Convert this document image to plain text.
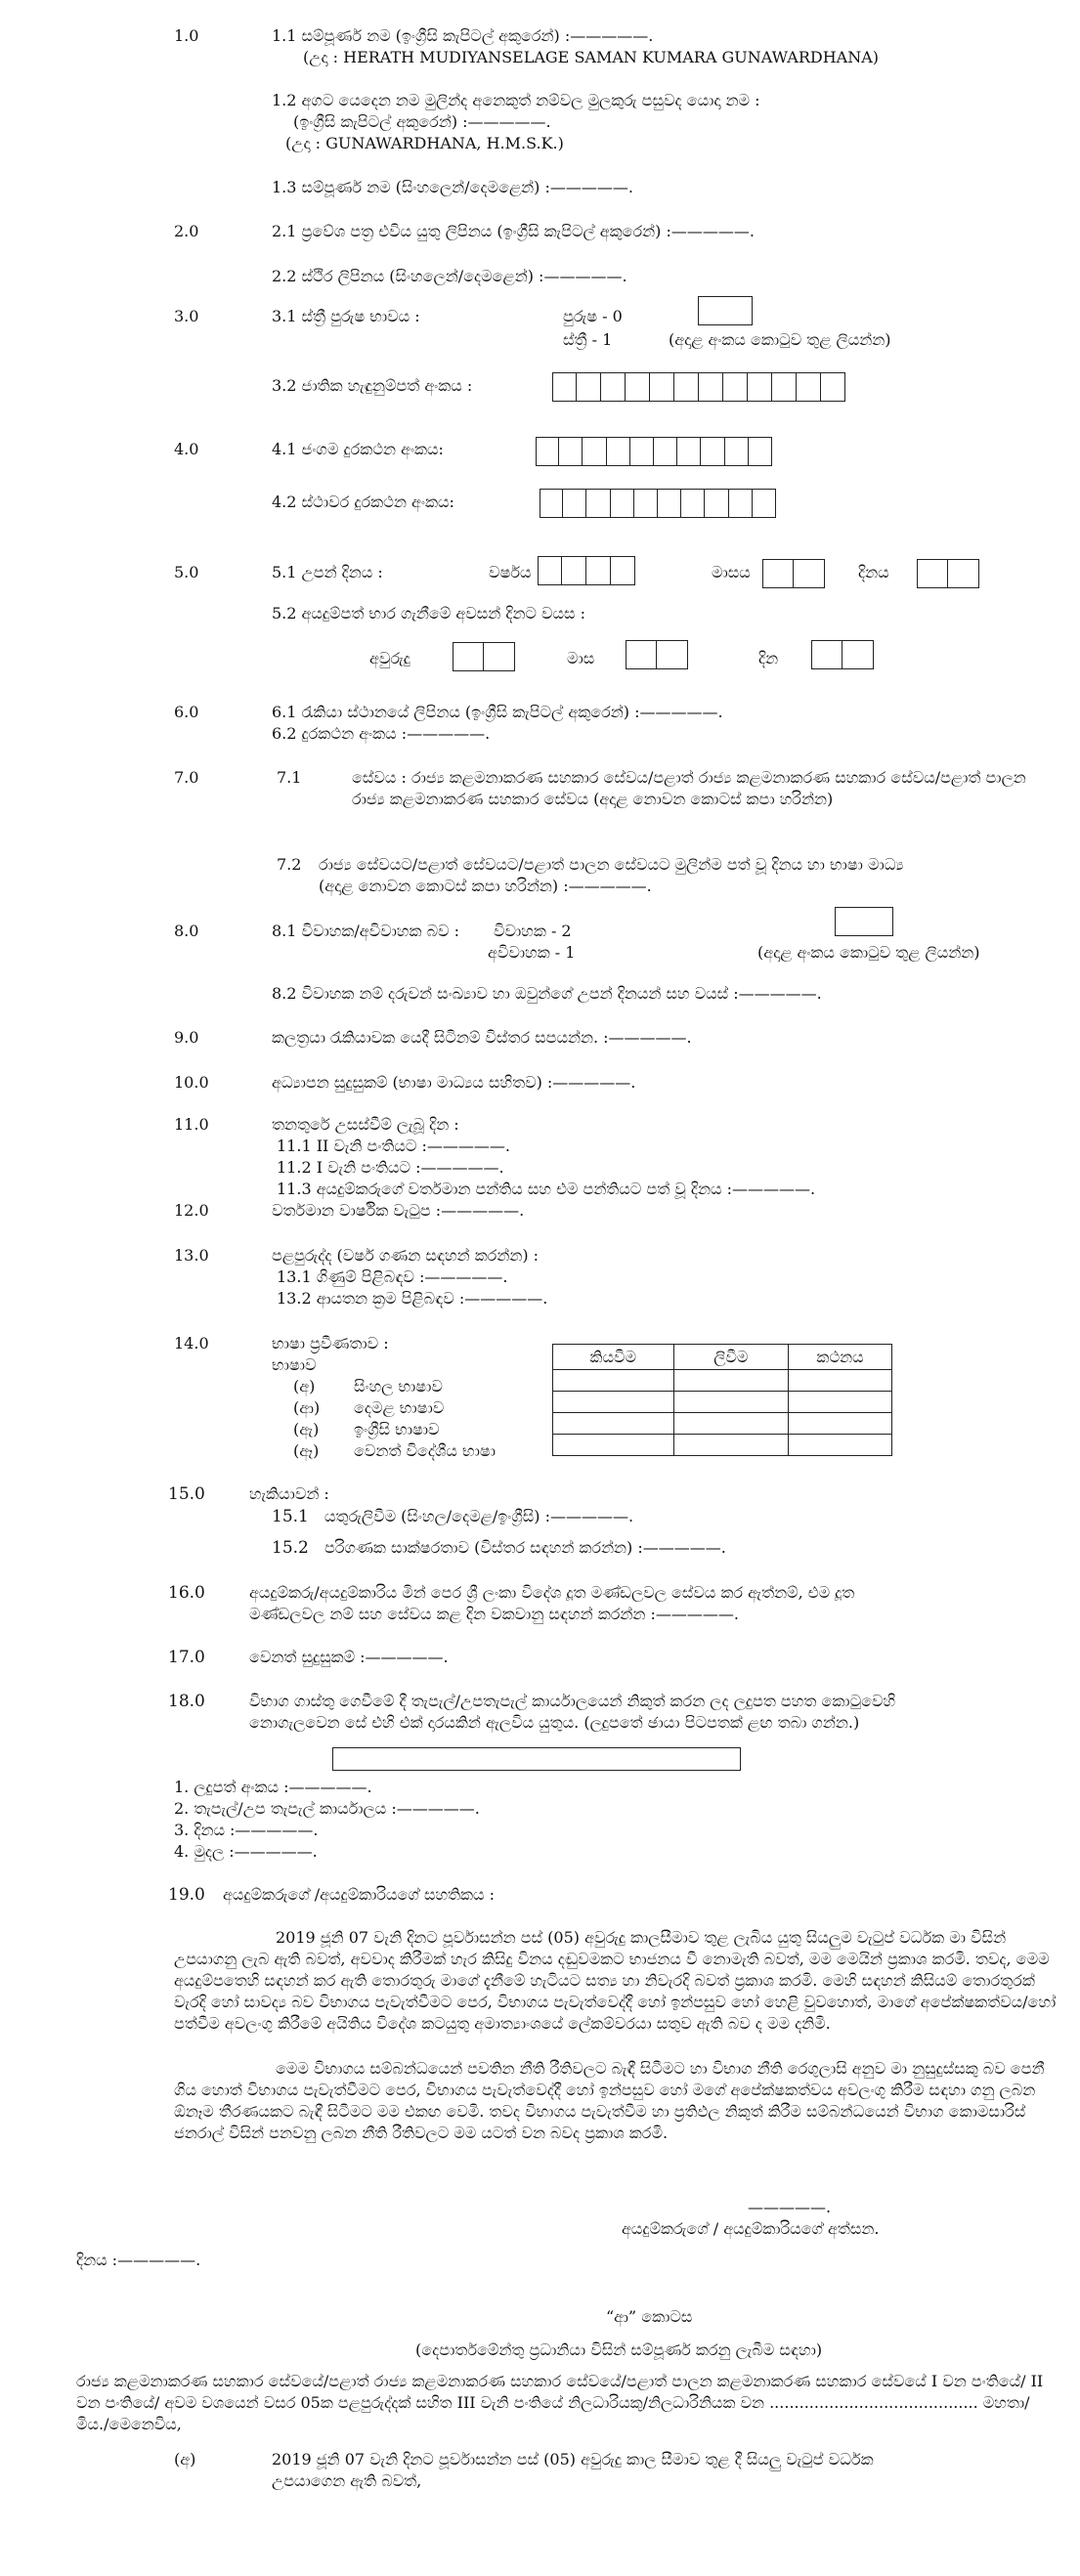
1.0	1.1 සම්පූර්ණ නම (ඉංග්‍රීසි කැපිටල් අකුරෙන්) :—————.
(උදා : HERATH MUDIYANSELAGE SAMAN KUMARA GUNAWARDHANA)
1.2 අගට යෙදෙන නම මුලින්ද අනෙකුත් නම්වල මුලකුරු පසුවද යොදා නම :
(ඉංග්‍රීසි කැපිටල් අකුරෙන්) :—————.
(උදා : GUNAWARDHANA, H.M.S.K.)
1.3 සම්පූර්ණ නම (සිංහලෙන්/දෙමළෙන්) :—————.
2.0	2.1 ප්‍රවේශ පත්‍ර එවිය යුතු ලිපිනය (ඉංග්‍රීසි කැපිටල් අකුරෙන්) :—————.
2.2 ස්ථිර ලිපිනය (සිංහලෙන්/දෙමළෙන්) :—————.
3.0	3.1 ස්ත්‍රී පුරුෂ භාවය :	පුරුෂ - 0
ස්ත්‍රී - 1	(අදාළ අංකය කොටුව තුළ ලියන්න)
3.2 ජාතික හැඳුනුම්පත් අංකය :
4.0	4.1 ජංගම දුරකථන අංකය:
4.2 ස්ථාවර දුරකථන අංකය:
5.0	5.1 උපන් දිනය :	වර්ෂය	මාසය	දිනය
5.2 අයදුම්පත් භාර ගැනීමේ අවසන් දිනට වයස :
අවුරුදු	මාස	දින
6.0	6.1 රැකියා ස්ථානයේ ලිපිනය (ඉංග්‍රීසි කැපිටල් අකුරෙන්) :—————.
6.2 දුරකථන අංකය :—————.
7.0	7.1	සේවය : රාජ්‍ය කළමනාකරණ සහකාර සේවය/පළාත් රාජ්‍ය කළමනාකරණ සහකාර සේවය/පළාත් පාලන රාජ්‍ය කළමනාකරණ සහකාර සේවය (අදාළ නොවන කොටස් කපා හරින්න)
7.2 රාජ්‍ය සේවයට/පළාත් සේවයට/පළාත් පාලන සේවයට මුලින්ම පත් වූ දිනය හා භාෂා මාධ්‍ය
(අදාළ නොවන කොටස් කපා හරින්න) :—————.
8.0	8.1 විවාහක/අවිවාහක බව : විවාහක - 2
අවිවාහක - 1	(අදාළ අංකය කොටුව තුළ ලියන්න)
8.2 විවාහක නම් දරුවන් සංඛ්‍යාව හා ඔවුන්ගේ උපන් දිනයන් සහ වයස් :—————.
9.0	කලත්‍රයා රැකියාවක යෙදී සිටිනම් විස්තර සපයන්න. :—————.
10.0	අධ්‍යාපන සුදුසුකම් (භාෂා මාධ්‍යය සහිතව) :—————.
11.0	තනතුරේ උසස්වීම් ලැබූ දින :
11.1 II වැනි පංතියට :—————.
11.2 I වැනි පංතියට :—————.
11.3 අයදුම්කරුගේ වර්තමාන පන්තිය සහ එම පන්තියට පත් වූ දිනය :—————.
12.0	වර්තමාන වාර්ෂික වැටුප :—————.
13.0	පළපුරුද්ද (වර්ෂ ගණන සඳහන් කරන්න) :
13.1 ගිණුම් පිළිබඳව :—————.
13.2 ආයතන ක්‍රම පිළිබඳව :—————.
14.0	භාෂා ප්‍රවීණතාව :
භාෂාව
(අ) සිංහල භාෂාව
(ආ) දෙමළ භාෂාව
(ඇ) ඉංග්‍රීසි භාෂාව
(ඈ) වෙනත් විදේශීය භාෂා
කියවීම	ලිවීම	කථනය

15.0	හැකියාවන් :
15.1 යතුරුලිවීම (සිංහල/දෙමළ/ඉංග්‍රීසි) :—————.
15.2 පරිගණක සාක්ෂරතාව (විස්තර සඳහන් කරන්න) :—————.
16.0	අයදුම්කරු/අයදුම්කාරිය මින් පෙර ශ්‍රී ලංකා විදේශ දූත මණ්ඩලවල සේවය කර ඇත්නම්, එම දූත
මණ්ඩලවල නම් සහ සේවය කළ දින වකවානු සඳහන් කරන්න :—————.
17.0	වෙනත් සුදුසුකම් :—————.
18.0	විභාග ගාස්තු ගෙවීමේ දී තැපැල්/උපතැපැල් කාර්යාලයෙන් නිකුත් කරන ලද ලදුපත පහත කොටුවෙහි
නොගැලවෙන සේ එහි එක් දාරයකින් ඇලවිය යුතුය. (ලදුපතේ ඡායා පිටපතක් ළඟ තබා ගන්න.)
1. ලදුපත් අංකය :—————.
2. තැපැල්/උප තැපැල් කාර්යාලය :—————.
3. දිනය :—————.
4. මුදල :—————.
19.0 අයදුම්කරුගේ /අයදුම්කාරියගේ සහතිකය :
2019 ජූනි 07 වැනි දිනට පූර්වාසන්න පස් (05) අවුරුදු කාලසීමාව තුළ ලැබිය යුතු සියලුම වැටුප් වර්ධක මා විසින් උපයාගනු ලැබ ඇති බවත්, අවවාද කිරීමක් හැර කිසිදු විනය දඬුවමකට භාජනය වී නොමැති බවත්, මම මෙයින් ප්‍රකාශ කරමි. තවද, මෙම අයදුම්පතෙහි සඳහන් කර ඇති තොරතුරු මාගේ දැනීමේ හැටියට සත්‍ය හා නිවැරදි බවත් ප්‍රකාශ කරමි. මෙහි සඳහන් කිසියම් තොරතුරක් වැරදි හෝ සාවද්‍ය බව විභාගය පැවැත්වීමට පෙර, විභාගය පැවැත්වෙද්දී හෝ ඉන්පසුව හෝ හෙළි වුවහොත්, මාගේ අපේක්ෂකත්වය/හෝ පත්වීම අවලංගු කිරීමේ අයිතිය විදේශ කටයුතු අමාත්‍යාංශයේ ලේකම්වරයා සතුව ඇති බව ද මම දනිමි.
මෙම විභාගය සම්බන්ධයෙන් පවතින නීති රීතිවලට බැඳී සිටීමට හා විභාග නීති රෙගුලාසි අනුව මා නුසුදුස්සකු බව පෙනී ගිය හොත් විභාගය පැවැත්වීමට පෙර, විභාගය පැවැත්වෙද්දී හෝ ඉන්පසුව හෝ මගේ අපේක්ෂකත්වය අවලංගු කිරීම සඳහා ගනු ලබන ඕනෑම තීරණයකට බැඳී සිටීමට මම එකඟ වෙමි. තවද විභාගය පැවැත්වීම හා ප්‍රතිඵල නිකුත් කිරීම සම්බන්ධයෙන් විභාග කොමසාරිස් ජනරාල් විසින් පනවනු ලබන නීති රීතිවලට මම යටත් වන බවද ප්‍රකාශ කරමි.
—————.
අයදුම්කරුගේ / අයදුම්කාරියගේ අත්සන.
දිනය :—————.
“ආ” කොටස
(දෙපාර්තමේන්තු ප්‍රධානියා විසින් සම්පූර්ණ කරනු ලැබීම සඳහා)
රාජ්‍ය කළමනාකරණ සහකාර සේවයේ/පළාත් රාජ්‍ය කළමනාකරණ සහකාර සේවයේ/පළාත් පාලන කළමනාකරණ සහකාර සේවයේ I වන පංතියේ/ II වන පංතියේ/ අවම වශයෙන් වසර 05ක පළපුරුද්දක් සහිත III වැනි පංතියේ නිලධාරියකු/නිලධාරිනියක වන .......................................... මහතා/මිය./මෙනෙවිය,
(අ)	2019 ජූනි 07 වැනි දිනට පූර්වාසන්න පස් (05) අවුරුදු කාල සීමාව තුළ දී සියලු වැටුප් වර්ධක
උපයාගෙන ඇති බවත්,
